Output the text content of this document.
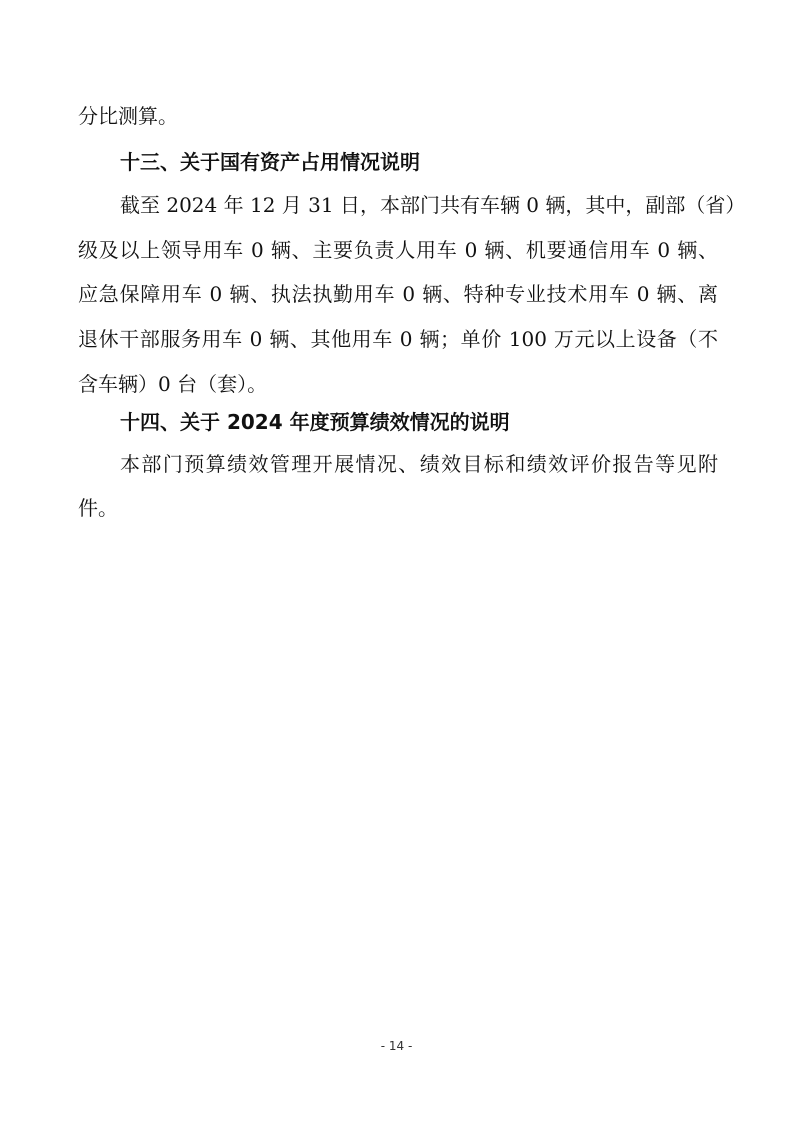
分比测算。
十三、关于国有资产占用情况说明
截至 2024 年 12 月 31 日，本部门共有车辆 0 辆，其中，副部（省）
级及以上领导用车 0 辆、主要负责人用车 0 辆、机要通信用车 0 辆、
应急保障用车 0 辆、执法执勤用车 0 辆、特种专业技术用车 0 辆、离
退休干部服务用车 0 辆、其他用车 0 辆；单价 100 万元以上设备（不
含车辆）0 台（套）。
十四、关于 2024 年度预算绩效情况的说明
本部门预算绩效管理开展情况、绩效目标和绩效评价报告等见附
件。
- 14 -
